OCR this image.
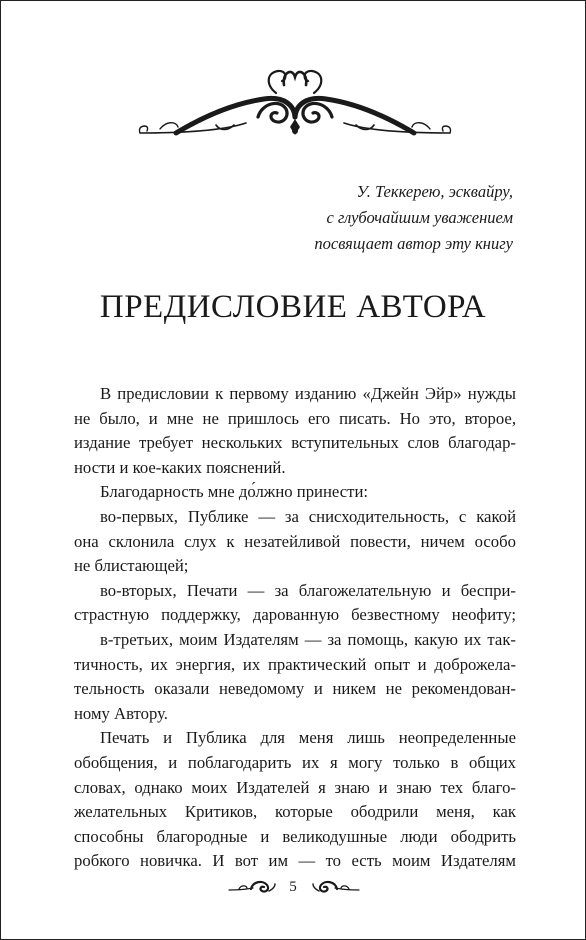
У. Теккерею, эсквайру,
с глубочайшим уважением
посвящает автор эту книгу
ПРЕДИСЛОВИЕ АВТОРА
В предисловии к первому изданию «Джейн Эйр» нужды
не было, и мне не пришлось его писать. Но это, второе,
издание требует нескольких вступительных слов благодар-
ности и кое-каких пояснений.
Благодарность мне до́лжно принести:
во-первых, Публике — за снисходительность, с какой
она склонила слух к незатейливой повести, ничем особо
не блистающей;
во-вторых, Печати — за благожелательную и беспри-
страстную поддержку, дарованную безвестному неофиту;
в-третьих, моим Издателям — за помощь, какую их так-
тичность, их энергия, их практический опыт и доброжела-
тельность оказали неведомому и никем не рекомендован-
ному Автору.
Печать и Публика для меня лишь неопределенные
обобщения, и поблагодарить их я могу только в общих
словах, однако моих Издателей я знаю и знаю тех благо-
желательных Критиков, которые ободрили меня, как
способны благородные и великодушные люди ободрить
робкого новичка. И вот им — то есть моим Издателям
5
